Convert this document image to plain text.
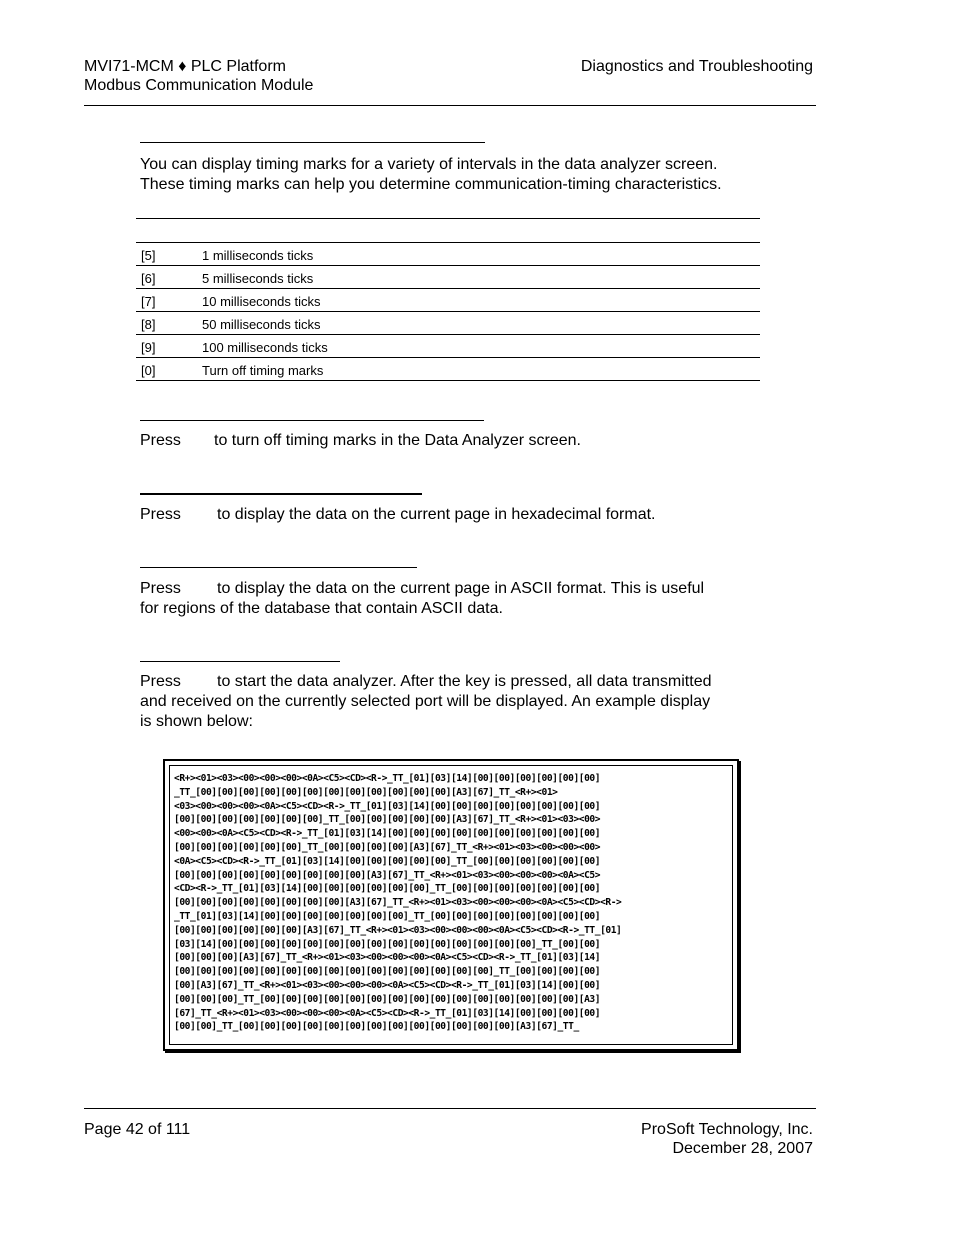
MVI71-MCM ♦ PLC Platform
Modbus Communication Module
Diagnostics and Troubleshooting
You can display timing marks for a variety of intervals in the data analyzer screen. These timing marks can help you determine communication-timing characteristics.
[5]	1 milliseconds ticks
[6]	5 milliseconds ticks
[7]	10 milliseconds ticks
[8]	50 milliseconds ticks
[9]	100 milliseconds ticks
[0]	Turn off timing marks
Press to turn off timing marks in the Data Analyzer screen.
Press to display the data on the current page in hexadecimal format.
Press to display the data on the current page in ASCII format. This is useful
for regions of the database that contain ASCII data.
Press to start the data analyzer. After the key is pressed, all data transmitted
and received on the currently selected port will be displayed. An example display
is shown below:
<R+><01><03><00><00><00><0A><C5><CD><R->_TT_[01][03][14][00][00][00][00][00][00]
_TT_[00][00][00][00][00][00][00][00][00][00][00][00][A3][67]_TT_<R+><01>
<03><00><00><00><0A><C5><CD><R->_TT_[01][03][14][00][00][00][00][00][00][00][00]
[00][00][00][00][00][00][00]_TT_[00][00][00][00][00][A3][67]_TT_<R+><01><03><00>
<00><00><0A><C5><CD><R->_TT_[01][03][14][00][00][00][00][00][00][00][00][00][00]
[00][00][00][00][00][00]_TT_[00][00][00][00][A3][67]_TT_<R+><01><03><00><00><00>
<0A><C5><CD><R->_TT_[01][03][14][00][00][00][00][00]_TT_[00][00][00][00][00][00]
[00][00][00][00][00][00][00][00][00][A3][67]_TT_<R+><01><03><00><00><00><0A><C5>
<CD><R->_TT_[01][03][14][00][00][00][00][00][00]_TT_[00][00][00][00][00][00][00]
[00][00][00][00][00][00][00][00][A3][67]_TT_<R+><01><03><00><00><00><0A><C5><CD><R->
_TT_[01][03][14][00][00][00][00][00][00][00]_TT_[00][00][00][00][00][00][00][00]
[00][00][00][00][00][00][A3][67]_TT_<R+><01><03><00><00><00><0A><C5><CD><R->_TT_[01]
[03][14][00][00][00][00][00][00][00][00][00][00][00][00][00][00][00]_TT_[00][00]
[00][00][00][A3][67]_TT_<R+><01><03><00><00><00><0A><C5><CD><R->_TT_[01][03][14]
[00][00][00][00][00][00][00][00][00][00][00][00][00][00][00]_TT_[00][00][00][00]
[00][A3][67]_TT_<R+><01><03><00><00><00><0A><C5><CD><R->_TT_[01][03][14][00][00]
[00][00][00]_TT_[00][00][00][00][00][00][00][00][00][00][00][00][00][00][00][A3]
[67]_TT_<R+><01><03><00><00><00><0A><C5><CD><R->_TT_[01][03][14][00][00][00][00]
[00][00]_TT_[00][00][00][00][00][00][00][00][00][00][00][00][00][A3][67]_TT_
Page 42 of 111	ProSoft Technology, Inc.
December 28, 2007
